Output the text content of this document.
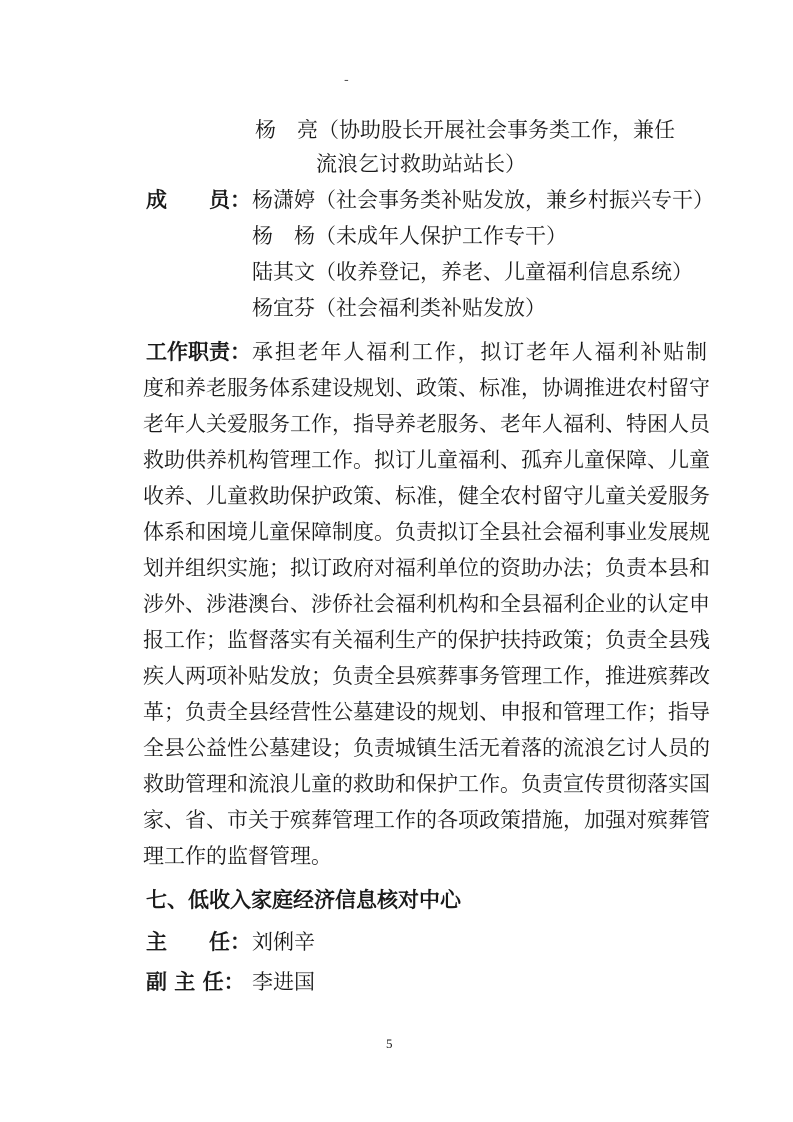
-
杨　亮（协助股长开展社会事务类工作，兼任
流浪乞讨救助站站长）
成　　员： 杨潇婷（社会事务类补贴发放，兼乡村振兴专干）
杨　杨（未成年人保护工作专干）
陆其文（收养登记，养老、儿童福利信息系统）
杨宜芬（社会福利类补贴发放）
工作职责： 承担老年人福利工作，拟订老年人福利补贴制
度和养老服务体系建设规划、政策、标准，协调推进农村留守
老年人关爱服务工作，指导养老服务、老年人福利、特困人员
救助供养机构管理工作。拟订儿童福利、孤弃儿童保障、儿童
收养、儿童救助保护政策、标准，健全农村留守儿童关爱服务
体系和困境儿童保障制度。负责拟订全县社会福利事业发展规
划并组织实施；拟订政府对福利单位的资助办法；负责本县和
涉外、涉港澳台、涉侨社会福利机构和全县福利企业的认定申
报工作；监督落实有关福利生产的保护扶持政策；负责全县残
疾人两项补贴发放；负责全县殡葬事务管理工作，推进殡葬改
革；负责全县经营性公墓建设的规划、申报和管理工作；指导
全县公益性公墓建设；负责城镇生活无着落的流浪乞讨人员的
救助管理和流浪儿童的救助和保护工作。负责宣传贯彻落实国
家、省、市关于殡葬管理工作的各项政策措施，加强对殡葬管
理工作的监督管理。
七、低收入家庭经济信息核对中心
主　　任： 刘俐辛
副 主 任： 李进国
5
